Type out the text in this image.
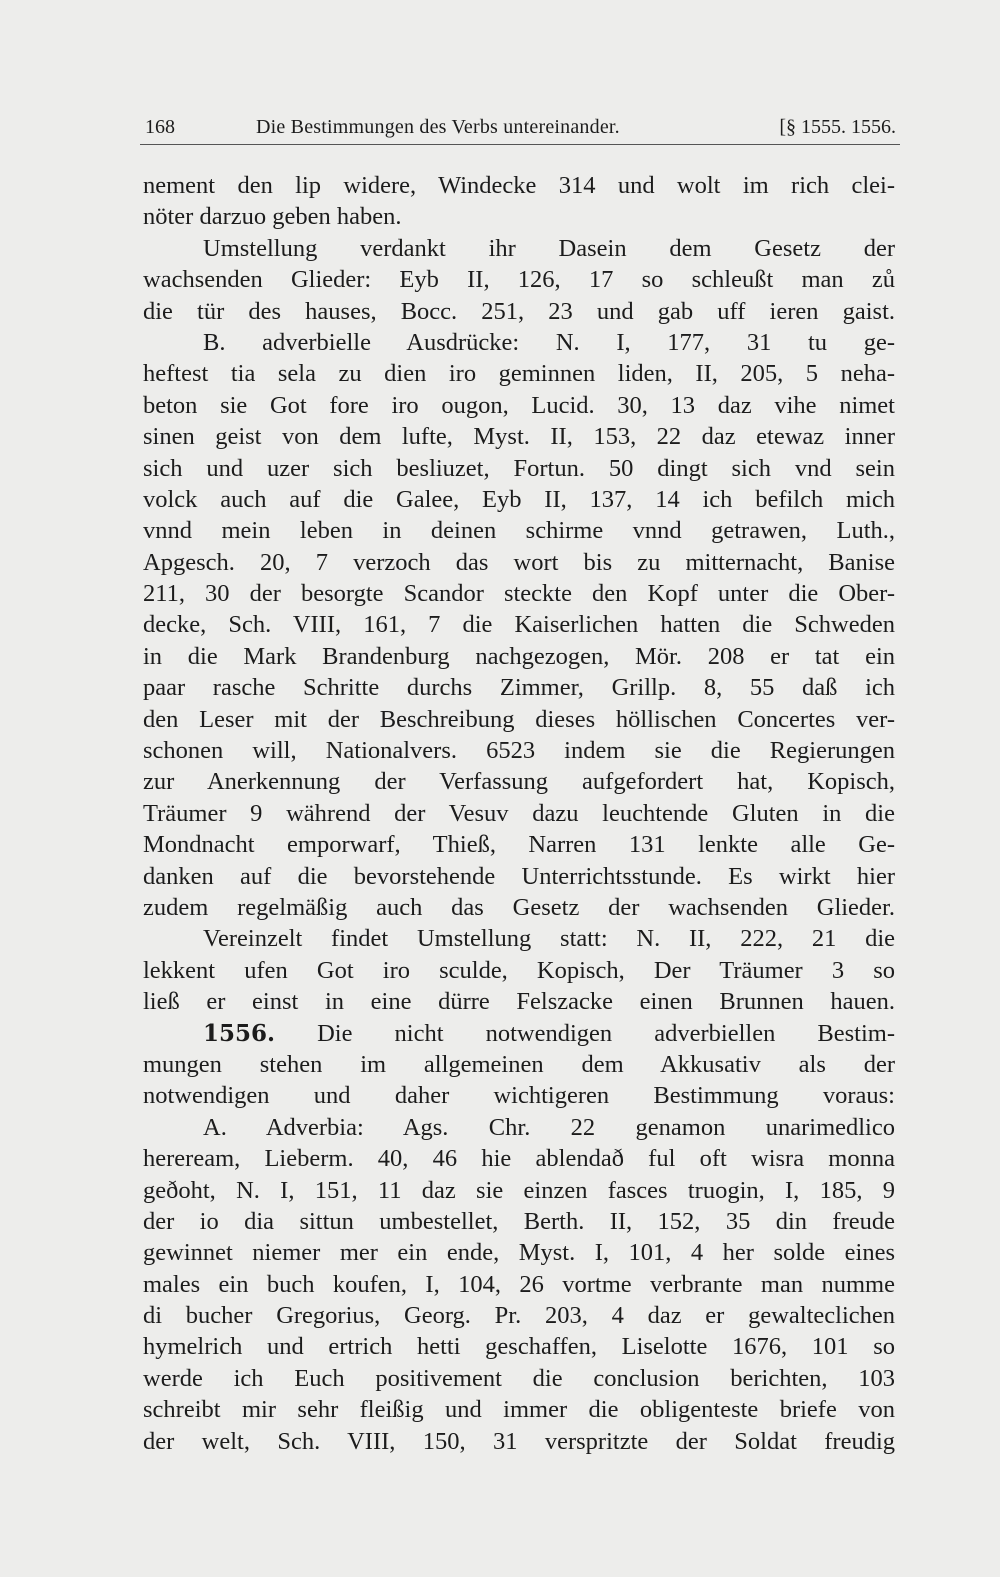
168	Die Bestimmungen des Verbs untereinander.	[§ 1555. 1556.
nement den lip widere, Windecke 314 und wolt im rich clei-
nöter darzuo geben haben.
Umstellung verdankt ihr Dasein dem Gesetz der
wachsenden Glieder: Eyb II, 126, 17 so schleußt man zů
die tür des hauses, Bocc. 251, 23 und gab uff ieren gaist.
B. adverbielle Ausdrücke: N. I, 177, 31 tu ge-
heftest tia sela zu dien iro geminnen liden, II, 205, 5 neha-
beton sie Got fore iro ougon, Lucid. 30, 13 daz vihe nimet
sinen geist von dem lufte, Myst. II, 153, 22 daz etewaz inner
sich und uzer sich besliuzet, Fortun. 50 dingt sich vnd sein
volck auch auf die Galee, Eyb II, 137, 14 ich befilch mich
vnnd mein leben in deinen schirme vnnd getrawen, Luth.,
Apgesch. 20, 7 verzoch das wort bis zu mitternacht, Banise
211, 30 der besorgte Scandor steckte den Kopf unter die Ober-
decke, Sch. VIII, 161, 7 die Kaiserlichen hatten die Schweden
in die Mark Brandenburg nachgezogen, Mör. 208 er tat ein
paar rasche Schritte durchs Zimmer, Grillp. 8, 55 daß ich
den Leser mit der Beschreibung dieses höllischen Concertes ver-
schonen will, Nationalvers. 6523 indem sie die Regierungen
zur Anerkennung der Verfassung aufgefordert hat, Kopisch,
Träumer 9 während der Vesuv dazu leuchtende Gluten in die
Mondnacht emporwarf, Thieß, Narren 131 lenkte alle Ge-
danken auf die bevorstehende Unterrichtsstunde. Es wirkt hier
zudem regelmäßig auch das Gesetz der wachsenden Glieder.
Vereinzelt findet Umstellung statt: N. II, 222, 21 die
lekkent ufen Got iro sculde, Kopisch, Der Träumer 3 so
ließ er einst in eine dürre Felszacke einen Brunnen hauen.
1556. Die nicht notwendigen adverbiellen Bestim-
mungen stehen im allgemeinen dem Akkusativ als der
notwendigen und daher wichtigeren Bestimmung voraus:
A. Adverbia: Ags. Chr. 22 genamon unarimedlico
hereream, Lieberm. 40, 46 hie ablendað ful oft wisra monna
geðoht, N. I, 151, 11 daz sie einzen fasces truogin, I, 185, 9
der io dia sittun umbestellet, Berth. II, 152, 35 din freude
gewinnet niemer mer ein ende, Myst. I, 101, 4 her solde eines
males ein buch koufen, I, 104, 26 vortme verbrante man numme
di bucher Gregorius, Georg. Pr. 203, 4 daz er gewalteclichen
hymelrich und ertrich hetti geschaffen, Liselotte 1676, 101 so
werde ich Euch positivement die conclusion berichten, 103
schreibt mir sehr fleißig und immer die obligenteste briefe von
der welt, Sch. VIII, 150, 31 verspritzte der Soldat freudig
